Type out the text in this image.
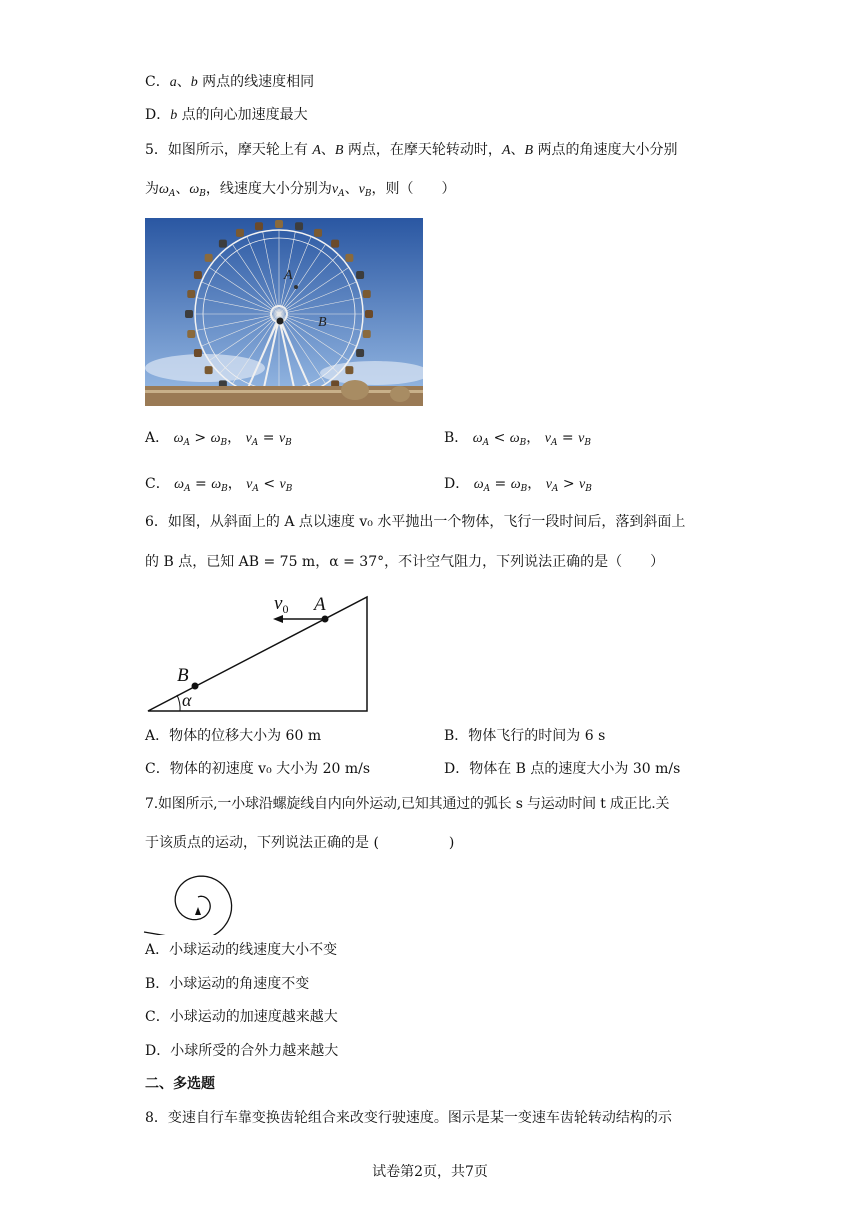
C．a、b 两点的线速度相同
D．b 点的向心加速度最大
5．如图所示，摩天轮上有 A、B 两点，在摩天轮转动时，A、B 两点的角速度大小分别
为$\omega_A$、$\omega_B$，线速度大小分别为$v_A$、$v_B$，则（　　）
A
B
A． $\omega_A > \omega_B$， $v_A = v_B$	B． $\omega_A < \omega_B$， $v_A = v_B$
C． $\omega_A = \omega_B$， $v_A < v_B$	D． $\omega_A = \omega_B$， $v_A > v_B$
6．如图，从斜面上的 A 点以速度 v₀ 水平抛出一个物体，飞行一段时间后，落到斜面上
的 B 点，已知 AB = 75 m，α = 37°，不计空气阻力，下列说法正确的是（　　）
$v_0$ A
B
α
A．物体的位移大小为 60 m	B．物体飞行的时间为 6 s
C．物体的初速度 v₀ 大小为 20 m/s	D．物体在 B 点的速度大小为 30 m/s
7.如图所示,一小球沿螺旋线自内向外运动,已知其通过的弧长 s 与运动时间 t 成正比.关
于该质点的运动，下列说法正确的是 (　　　　　)
A．小球运动的线速度大小不变
B．小球运动的角速度不变
C．小球运动的加速度越来越大
D．小球所受的合外力越来越大
二、多选题
8．变速自行车靠变换齿轮组合来改变行驶速度。图示是某一变速车齿轮转动结构的示
试卷第2页，共7页
